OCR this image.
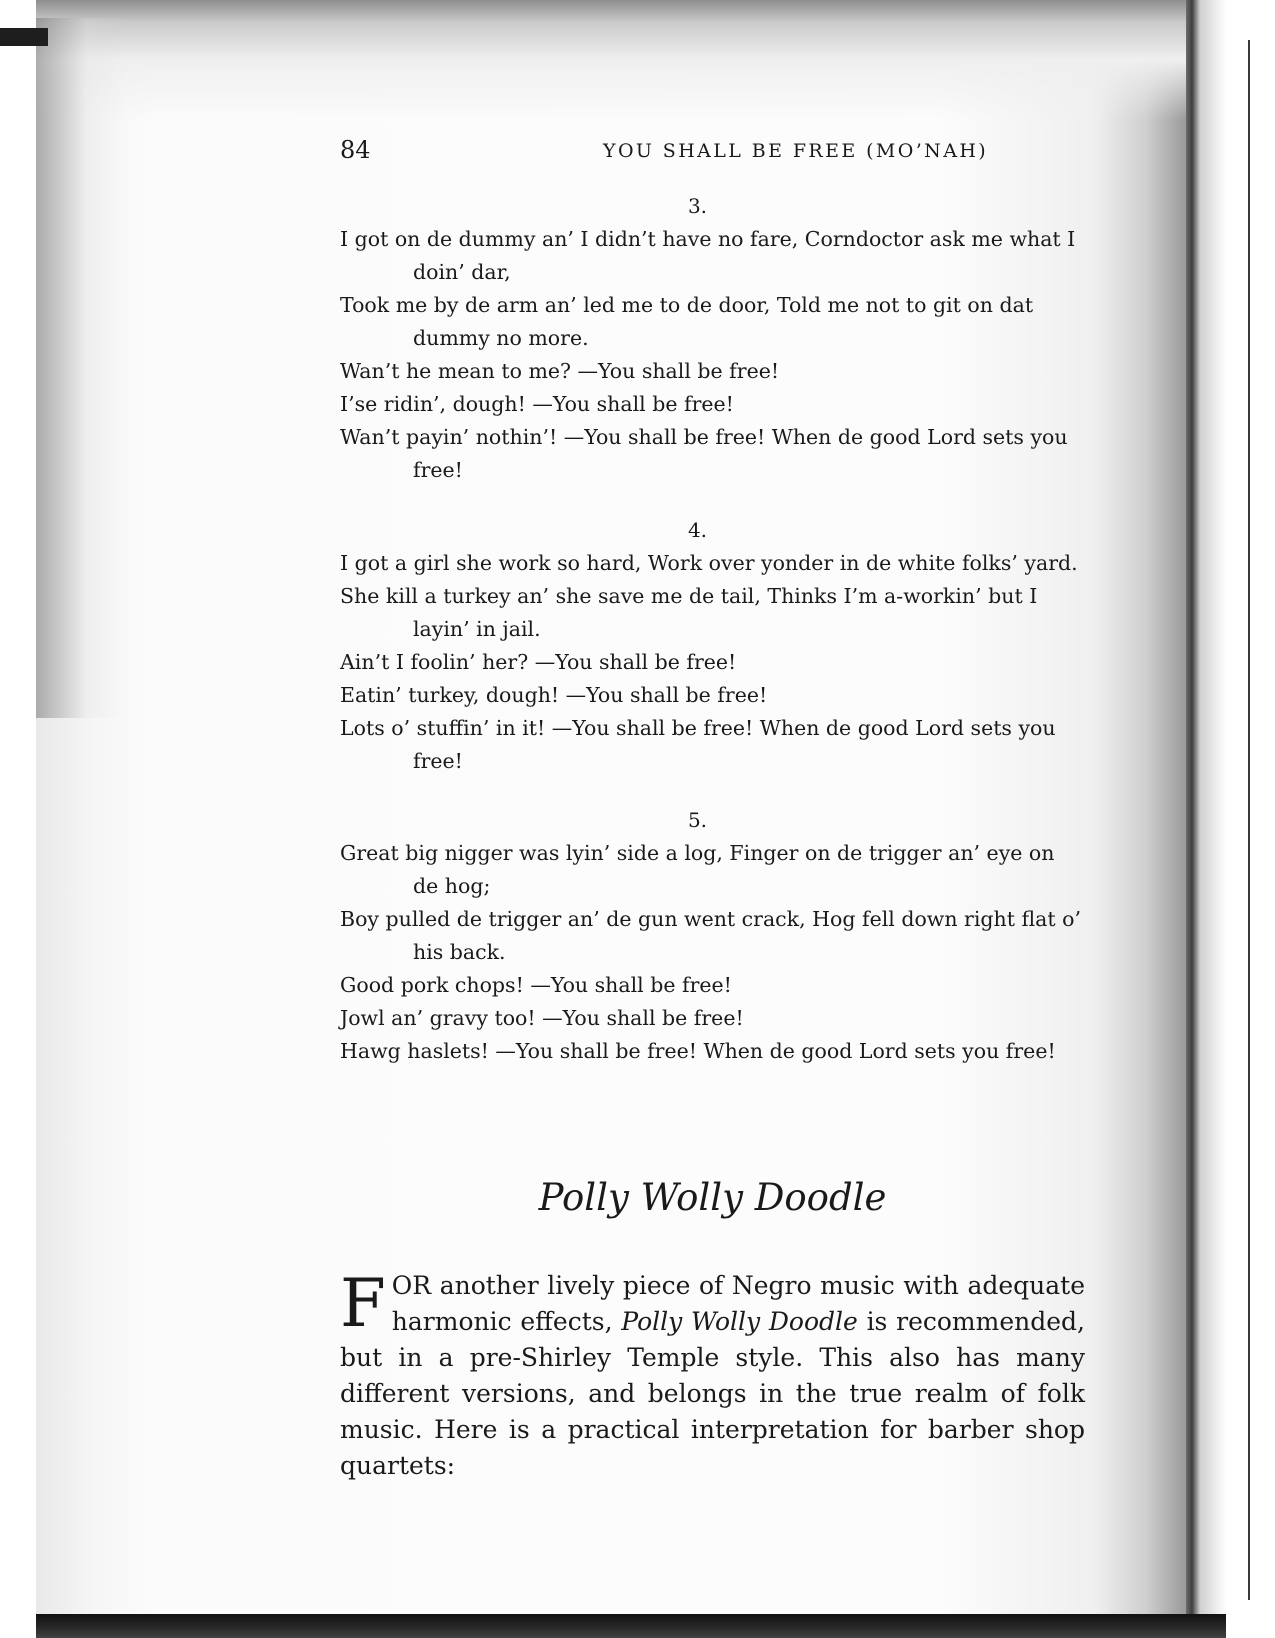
84	YOU SHALL BE FREE (MO’NAH)
3.
I got on de dummy an’ I didn’t have no fare, Corndoctor ask me what I doin’ dar,
Took me by de arm an’ led me to de door, Told me not to git on dat dummy no more.
Wan’t he mean to me? —You shall be free!
I’se ridin’, dough! —You shall be free!
Wan’t payin’ nothin’! —You shall be free! When de good Lord sets you free!
4.
I got a girl she work so hard, Work over yonder in de white folks’ yard.
She kill a turkey an’ she save me de tail, Thinks I’m a-workin’ but I layin’ in jail.
Ain’t I foolin’ her? —You shall be free!
Eatin’ turkey, dough! —You shall be free!
Lots o’ stuffin’ in it! —You shall be free! When de good Lord sets you free!
5.
Great big nigger was lyin’ side a log, Finger on de trigger an’ eye on de hog;
Boy pulled de trigger an’ de gun went crack, Hog fell down right flat o’ his back.
Good pork chops! —You shall be free!
Jowl an’ gravy too! —You shall be free!
Hawg haslets! —You shall be free! When de good Lord sets you free!
Polly Wolly Doodle
FOR another lively piece of Negro music with adequate harmonic effects, Polly Wolly Doodle is recommended, but in a pre-Shirley Temple style. This also has many different versions, and belongs in the true realm of folk music. Here is a practical interpretation for barber shop quartets:
